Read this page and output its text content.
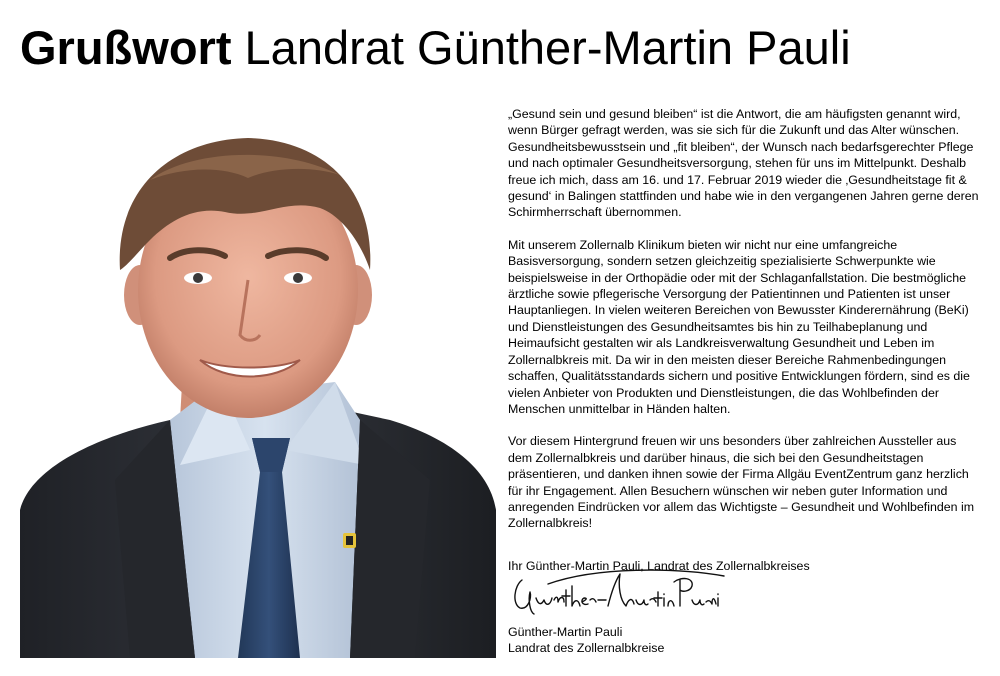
Grußwort Landrat Günther-Martin Pauli

„Gesund sein und gesund bleiben“ ist die Antwort, die am häufigsten genannt wird, wenn Bürger gefragt werden, was sie sich für die Zukunft und das Alter wünschen. Gesundheitsbewusstsein und „fit bleiben“, der Wunsch nach bedarfsgerechter Pflege und nach optimaler Gesundheitsversorgung, stehen für uns im Mittelpunkt. Deshalb freue ich mich, dass am 16. und 17. Februar 2019 wieder die ‚Gesundheitstage fit & gesund‘ in Balingen stattfinden und habe wie in den vergangenen Jahren gerne deren Schirmherrschaft übernommen.

Mit unserem Zollernalb Klinikum bieten wir nicht nur eine umfangreiche Basisversorgung, sondern setzen gleichzeitig spezialisierte Schwerpunkte wie beispielsweise in der Orthopädie oder mit der Schlaganfallstation. Die bestmögliche ärztliche sowie pflegerische Versorgung der Patientinnen und Patienten ist unser Hauptanliegen. In vielen weiteren Bereichen von Bewusster Kinderernährung (BeKi) und Dienstleistungen des Gesundheitsamtes bis hin zu Teilhabeplanung und Heimaufsicht gestalten wir als Landkreisverwaltung Gesundheit und Leben im Zollernalbkreis mit. Da wir in den meisten dieser Bereiche Rahmenbedingungen schaffen, Qualitätsstandards sichern und positive Entwicklungen fördern, sind es die vielen Anbieter von Produkten und Dienstleistungen, die das Wohlbefinden der Menschen unmittelbar in Händen halten.

Vor diesem Hintergrund freuen wir uns besonders über zahlreichen Aussteller aus dem Zollernalbkreis und darüber hinaus, die sich bei den Gesundheitstagen präsentieren, und danken ihnen sowie der Firma Allgäu EventZentrum ganz herzlich für ihr Engagement. Allen Besuchern wünschen wir neben guter Information und anregenden Eindrücken vor allem das Wichtigste – Gesundheit und Wohlbefinden im Zollernalbkreis!

Ihr Günther-Martin Pauli, Landrat des Zollernalbkreises

Günther-Martin Pauli
Landrat des Zollernalbkreise
